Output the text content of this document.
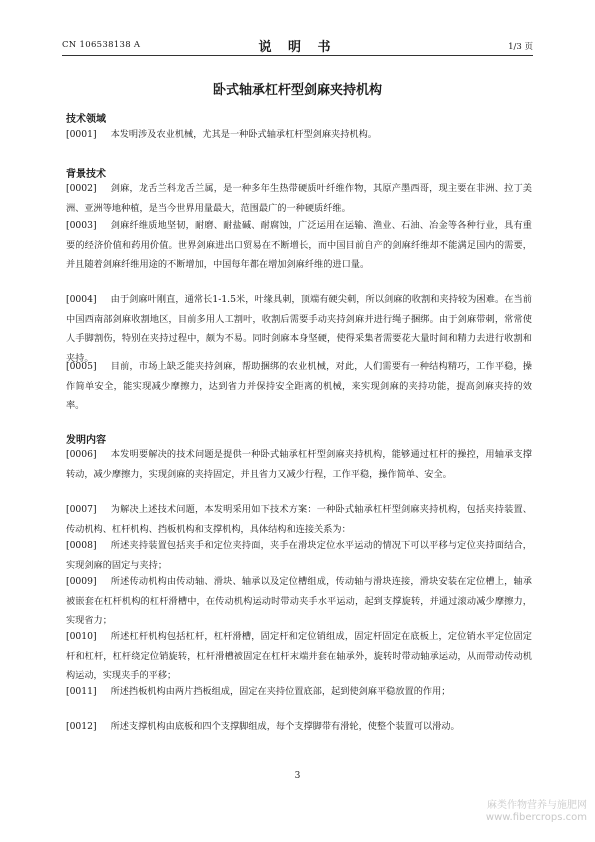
CN 106538138 A	说 明 书	1/3 页
卧式轴承杠杆型剑麻夹持机构
技术领域
[0001] 本发明涉及农业机械，尤其是一种卧式轴承杠杆型剑麻夹持机构。
背景技术
[0002] 剑麻，龙舌兰科龙舌兰属，是一种多年生热带硬质叶纤维作物，其原产墨西哥，现主要在非洲、拉丁美洲、亚洲等地种植，是当今世界用量最大，范围最广的一种硬质纤维。
[0003] 剑麻纤维质地坚韧，耐磨、耐盐碱、耐腐蚀，广泛运用在运输、渔业、石油、冶金等各种行业，具有重要的经济价值和药用价值。世界剑麻进出口贸易在不断增长，而中国目前自产的剑麻纤维却不能满足国内的需要，并且随着剑麻纤维用途的不断增加，中国每年都在增加剑麻纤维的进口量。
[0004] 由于剑麻叶刚直，通常长1-1.5米，叶缘具刺，顶端有硬尖刺，所以剑麻的收割和夹持较为困难。在当前中国西南部剑麻收割地区，目前多用人工割叶，收割后需要手动夹持剑麻并进行绳子捆绑。由于剑麻带刺，常常使人手脚割伤，特别在夹持过程中，颇为不易。同时剑麻本身坚硬，使得采集者需要花大量时间和精力去进行收割和夹持。
[0005] 目前，市场上缺乏能夹持剑麻，帮助捆绑的农业机械，对此，人们需要有一种结构精巧，工作平稳，操作简单安全，能实现减少摩擦力，达到省力并保持安全距离的机械，来实现剑麻的夹持功能，提高剑麻夹持的效率。
发明内容
[0006] 本发明要解决的技术问题是提供一种卧式轴承杠杆型剑麻夹持机构，能够通过杠杆的操控，用轴承支撑转动，减少摩擦力，实现剑麻的夹持固定，并且省力又减少行程，工作平稳，操作简单、安全。
[0007] 为解决上述技术问题，本发明采用如下技术方案：一种卧式轴承杠杆型剑麻夹持机构，包括夹持装置、传动机构、杠杆机构、挡板机构和支撑机构，具体结构和连接关系为：
[0008] 所述夹持装置包括夹手和定位夹持面，夹手在滑块定位水平运动的情况下可以平移与定位夹持面结合，实现剑麻的固定与夹持；
[0009] 所述传动机构由传动轴、滑块、轴承以及定位槽组成，传动轴与滑块连接，滑块安装在定位槽上，轴承被嵌套在杠杆机构的杠杆滑槽中，在传动机构运动时带动夹手水平运动，起到支撑旋转，并通过滚动减少摩擦力，实现省力；
[0010] 所述杠杆机构包括杠杆，杠杆滑槽，固定杆和定位销组成，固定杆固定在底板上，定位销水平定位固定杆和杠杆，杠杆绕定位销旋转，杠杆滑槽被固定在杠杆末端并套在轴承外，旋转时带动轴承运动，从而带动传动机构运动，实现夹手的平移；
[0011] 所述挡板机构由两片挡板组成，固定在夹持位置底部，起到使剑麻平稳放置的作用；
[0012] 所述支撑机构由底板和四个支撑脚组成，每个支撑脚带有滑轮，使整个装置可以滑动。
3
麻类作物营养与施肥网
www.fibercrops.com
